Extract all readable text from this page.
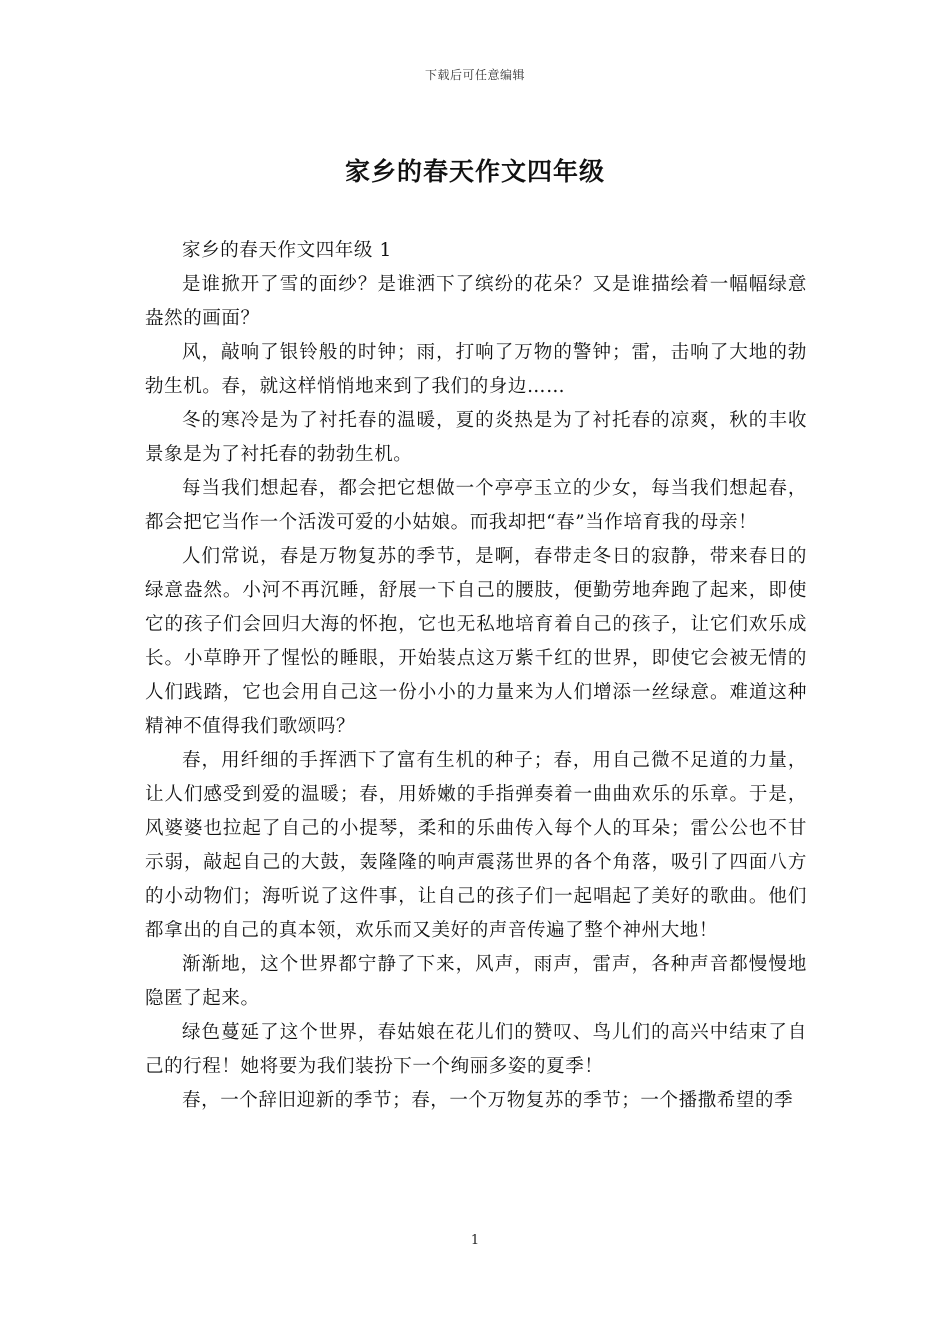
下载后可任意编辑
家乡的春天作文四年级

家乡的春天作文四年级 1

是谁掀开了雪的面纱？是谁洒下了缤纷的花朵？又是谁描绘着一幅幅绿意盎然的画面？

风，敲响了银铃般的时钟；雨，打响了万物的警钟；雷，击响了大地的勃勃生机。春，就这样悄悄地来到了我们的身边……

冬的寒冷是为了衬托春的温暖，夏的炎热是为了衬托春的凉爽，秋的丰收景象是为了衬托春的勃勃生机。

每当我们想起春，都会把它想做一个亭亭玉立的少女，每当我们想起春，都会把它当作一个活泼可爱的小姑娘。而我却把“春”当作培育我的母亲！

人们常说，春是万物复苏的季节，是啊，春带走冬日的寂静，带来春日的绿意盎然。小河不再沉睡，舒展一下自己的腰肢，便勤劳地奔跑了起来，即使它的孩子们会回归大海的怀抱，它也无私地培育着自己的孩子，让它们欢乐成长。小草睁开了惺忪的睡眼，开始装点这万紫千红的世界，即使它会被无情的人们践踏，它也会用自己这一份小小的力量来为人们增添一丝绿意。难道这种精神不值得我们歌颂吗？

春，用纤细的手挥洒下了富有生机的种子；春，用自己微不足道的力量，让人们感受到爱的温暖；春，用娇嫩的手指弹奏着一曲曲欢乐的乐章。于是，风婆婆也拉起了自己的小提琴，柔和的乐曲传入每个人的耳朵；雷公公也不甘示弱，敲起自己的大鼓，轰隆隆的响声震荡世界的各个角落，吸引了四面八方的小动物们；海听说了这件事，让自己的孩子们一起唱起了美好的歌曲。他们都拿出的自己的真本领，欢乐而又美好的声音传遍了整个神州大地！

渐渐地，这个世界都宁静了下来，风声，雨声，雷声，各种声音都慢慢地隐匿了起来。

绿色蔓延了这个世界，春姑娘在花儿们的赞叹、鸟儿们的高兴中结束了自己的行程！她将要为我们装扮下一个绚丽多姿的夏季！

春，一个辞旧迎新的季节；春，一个万物复苏的季节；一个播撒希望的季

1
